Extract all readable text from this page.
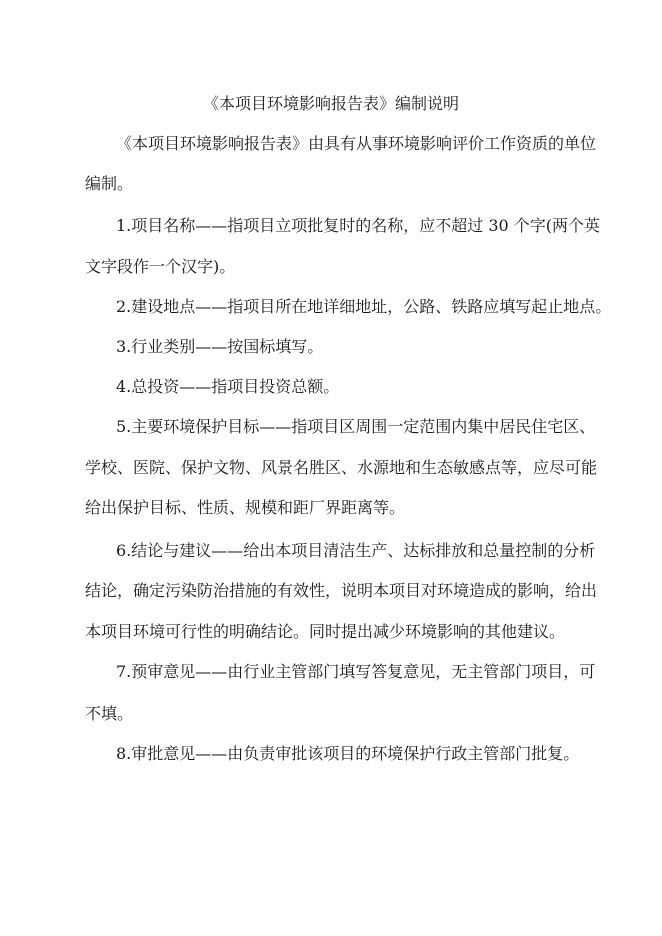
《本项目环境影响报告表》编制说明
《本项目环境影响报告表》由具有从事环境影响评价工作资质的单位
编制。
1.项目名称——指项目立项批复时的名称，应不超过 30 个字(两个英
文字段作一个汉字)。
2.建设地点——指项目所在地详细地址，公路、铁路应填写起止地点。
3.行业类别——按国标填写。
4.总投资——指项目投资总额。
5.主要环境保护目标——指项目区周围一定范围内集中居民住宅区、
学校、医院、保护文物、风景名胜区、水源地和生态敏感点等，应尽可能
给出保护目标、性质、规模和距厂界距离等。
6.结论与建议——给出本项目清洁生产、达标排放和总量控制的分析
结论，确定污染防治措施的有效性，说明本项目对环境造成的影响，给出
本项目环境可行性的明确结论。同时提出减少环境影响的其他建议。
7.预审意见——由行业主管部门填写答复意见，无主管部门项目，可
不填。
8.审批意见——由负责审批该项目的环境保护行政主管部门批复。
